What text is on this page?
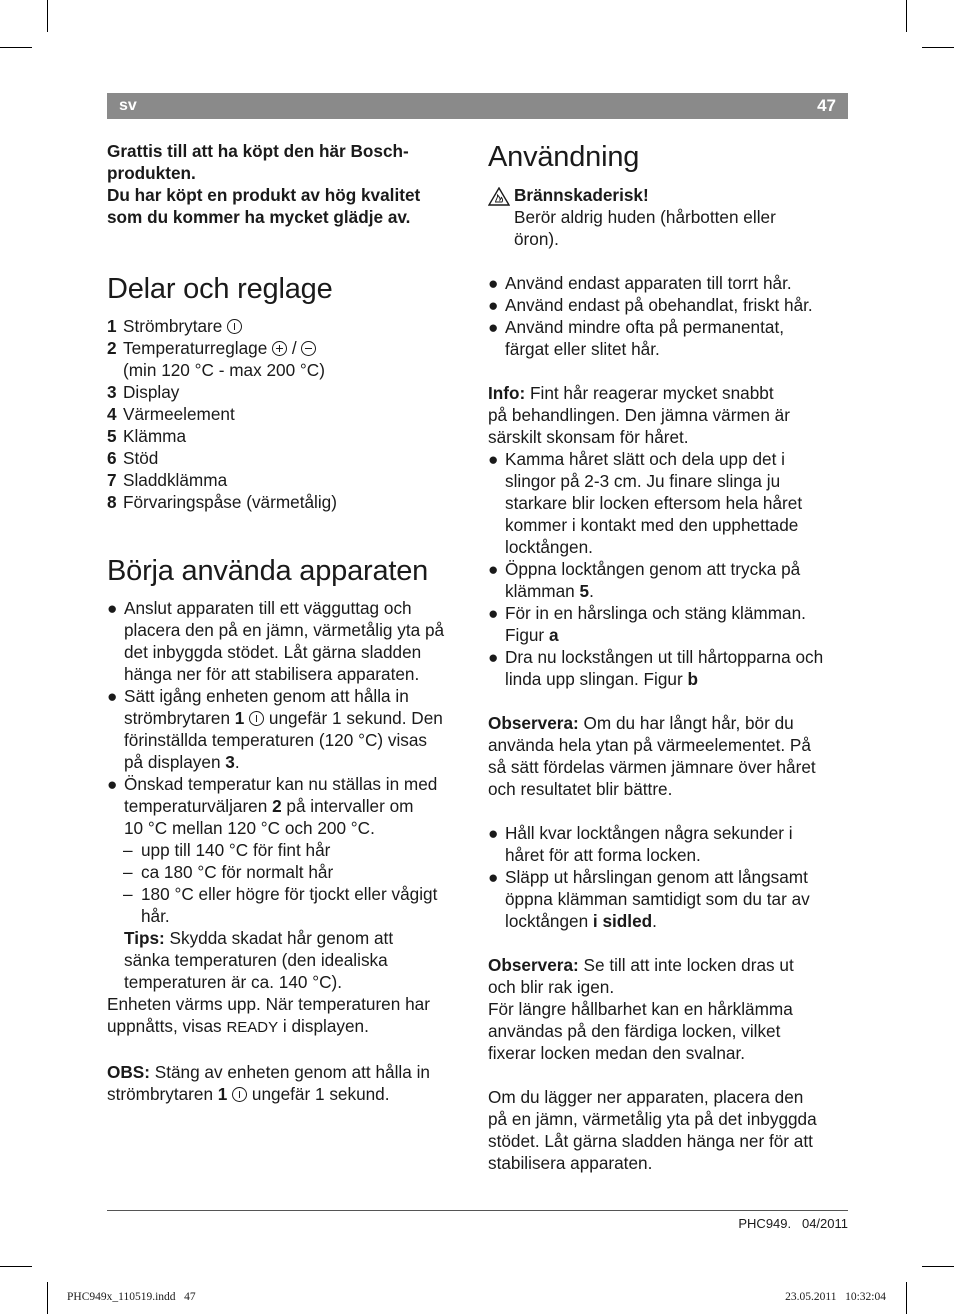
sv	47
Grattis till att ha köpt den här Bosch-
produkten.
Du har köpt en produkt av hög kvalitet
som du kommer ha mycket glädje av.
Delar och reglage
1 Strömbrytare
2 Temperaturreglage  /
(min 120 °C - max 200 °C)
3 Display
4 Värmeelement
5 Klämma
6 Stöd
7 Sladdklämma
8 Förvaringspåse (värmetålig)
Börja använda apparaten
● Anslut apparaten till ett vägguttag och
placera den på en jämn, värmetålig yta på
det inbyggda stödet. Låt gärna sladden
hänga ner för att stabilisera apparaten.
● Sätt igång enheten genom att hålla in
strömbrytaren 1  ungefär 1 sekund. Den
förinställda temperaturen (120 °C) visas
på displayen 3.
● Önskad temperatur kan nu ställas in med
temperaturväljaren 2 på intervaller om
10 °C mellan 120 °C och 200 °C.
– upp till 140 °C för fint hår
– ca 180 °C för normalt hår
– 180 °C eller högre för tjockt eller vågigt
hår.
Tips: Skydda skadat hår genom att
sänka temperaturen (den idealiska
temperaturen är ca. 140 °C).
Enheten värms upp. När temperaturen har
uppnåtts, visas READY i displayen.
OBS: Stäng av enheten genom att hålla in
strömbrytaren 1  ungefär 1 sekund.
Användning
Brännskaderisk!
Berör aldrig huden (hårbotten eller
öron).
● Använd endast apparaten till torrt hår.
● Använd endast på obehandlat, friskt hår.
● Använd mindre ofta på permanentat,
färgat eller slitet hår.
Info: Fint hår reagerar mycket snabbt
på behandlingen. Den jämna värmen är
särskilt skonsam för håret.
● Kamma håret slätt och dela upp det i
slingor på 2-3 cm. Ju finare slinga ju
starkare blir locken eftersom hela håret
kommer i kontakt med den upphettade
locktången.
● Öppna locktången genom att trycka på
klämman 5.
● För in en hårslinga och stäng klämman.
Figur a
● Dra nu lockstången ut till hårtopparna och
linda upp slingan. Figur b
Observera: Om du har långt hår, bör du
använda hela ytan på värmeelementet. På
så sätt fördelas värmen jämnare över håret
och resultatet blir bättre.
● Håll kvar locktången några sekunder i
håret för att forma locken.
● Släpp ut hårslingan genom att långsamt
öppna klämman samtidigt som du tar av
locktången i sidled.
Observera: Se till att inte locken dras ut
och blir rak igen.
För längre hållbarhet kan en hårklämma
användas på den färdiga locken, vilket
fixerar locken medan den svalnar.
Om du lägger ner apparaten, placera den
på en jämn, värmetålig yta på det inbyggda
stödet. Låt gärna sladden hänga ner för att
stabilisera apparaten.
PHC949.   04/2011
PHC949x_110519.indd   47	23.05.2011   10:32:04
